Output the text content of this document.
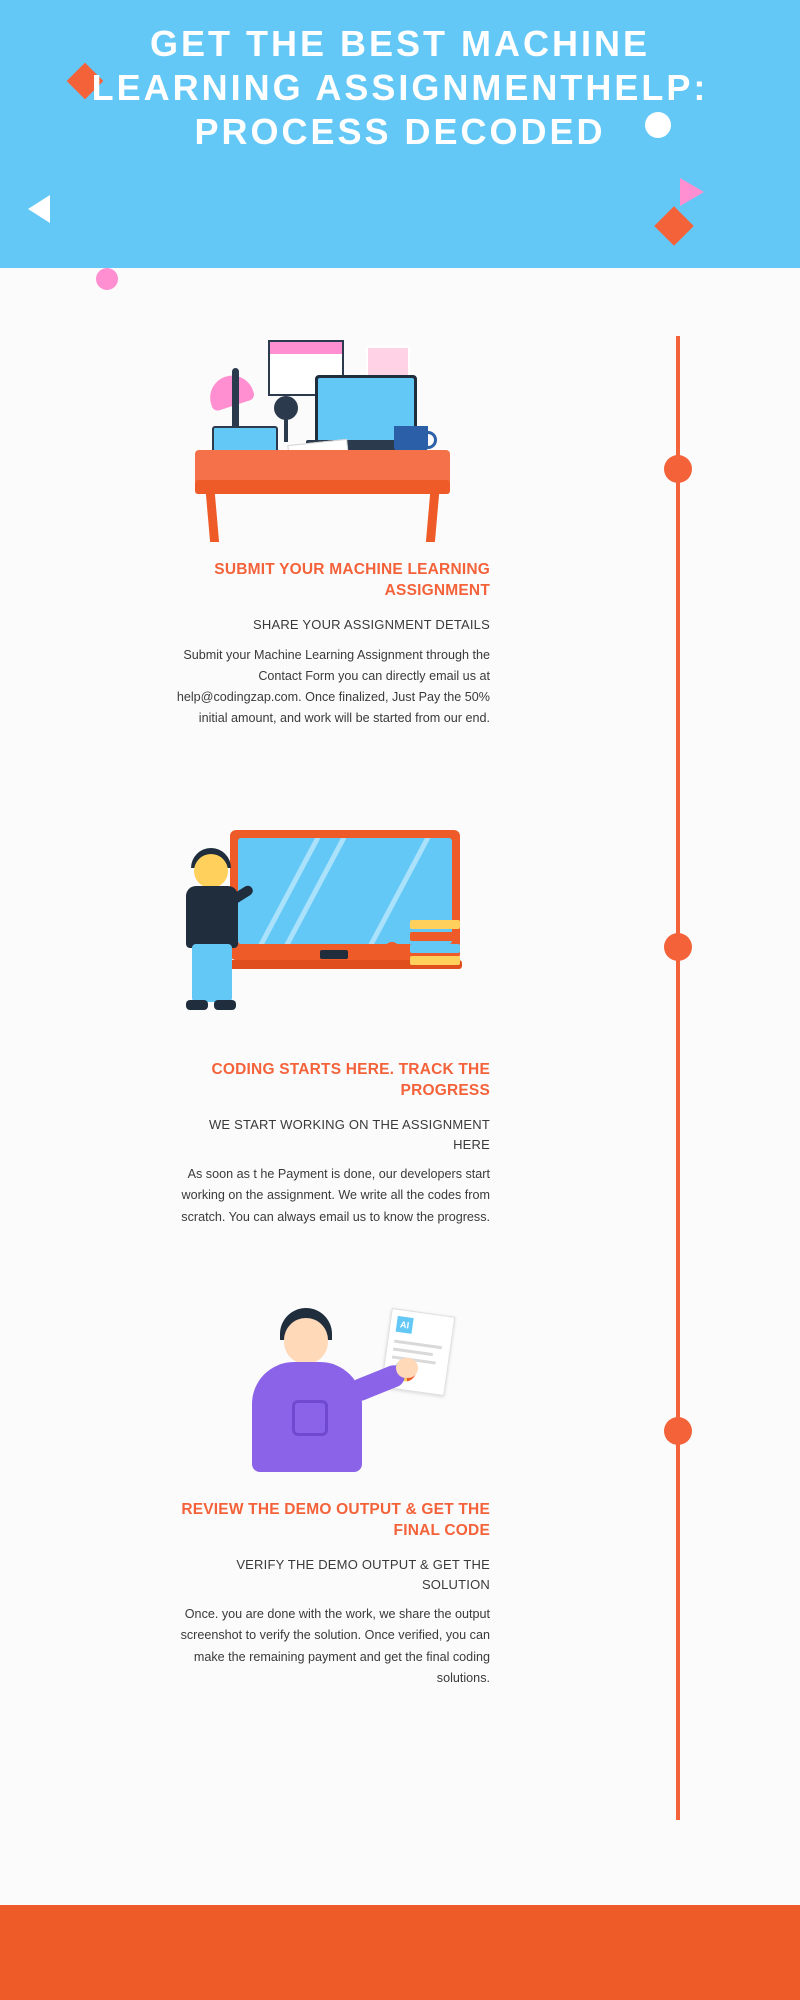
GET THE BEST MACHINE LEARNING ASSIGNMENTHELP: PROCESS DECODED
SUBMIT YOUR MACHINE LEARNING ASSIGNMENT
SHARE YOUR ASSIGNMENT DETAILS
Submit your Machine Learning Assignment through the Contact Form you can directly email us at help@codingzap.com. Once finalized, Just Pay the 50% initial amount, and work will be started from our end.
CODING STARTS HERE. TRACK THE PROGRESS
WE START WORKING ON THE ASSIGNMENT HERE
As soon as t he Payment is done, our developers start working on the assignment. We write all the codes from scratch. You can always email us to know the progress.
AI
REVIEW THE DEMO OUTPUT & GET THE FINAL CODE
VERIFY THE DEMO OUTPUT & GET THE SOLUTION
Once. you are done with the work, we share the output screenshot to verify the solution. Once verified, you can make the remaining payment and get the final coding solutions.
